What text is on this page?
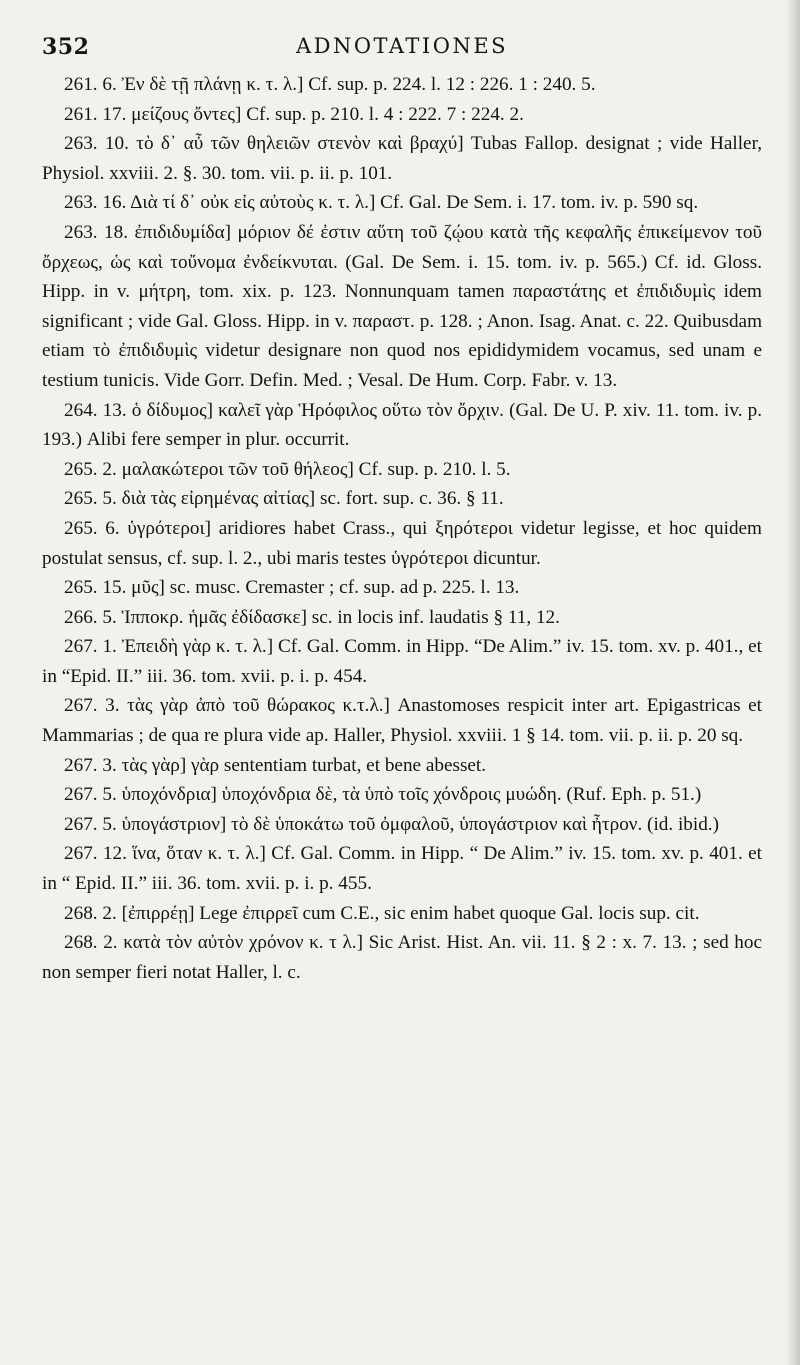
352	ADNOTATIONES

261. 6. Ἐν δὲ τῇ πλάνῃ κ. τ. λ.] Cf. sup. p. 224. l. 12 : 226. 1 : 240. 5.

261. 17. μείζους ὄντες] Cf. sup. p. 210. l. 4 : 222. 7 : 224. 2.

263. 10. τὸ δ᾽ αὖ τῶν θηλειῶν στενὸν καὶ βραχύ] Tubas Fallop. designat ; vide Haller, Physiol. xxviii. 2. §. 30. tom. vii. p. ii. p. 101.

263. 16. Διὰ τί δ᾽ οὐκ εἰς αὐτοὺς κ. τ. λ.] Cf. Gal. De Sem. i. 17. tom. iv. p. 590 sq.

263. 18. ἐπιδιδυμίδα] μόριον δέ ἐστιν αὕτη τοῦ ζῴου κατὰ τῆς κεφαλῆς ἐπικείμενον τοῦ ὄρχεως, ὡς καὶ τοὔνομα ἐνδείκνυται. (Gal. De Sem. i. 15. tom. iv. p. 565.) Cf. id. Gloss. Hipp. in v. μήτρη, tom. xix. p. 123. Nonnunquam tamen παραστάτης et ἐπιδιδυμὶς idem significant ; vide Gal. Gloss. Hipp. in v. παραστ. p. 128. ; Anon. Isag. Anat. c. 22. Quibusdam etiam τὸ ἐπιδιδυμὶς videtur designare non quod nos epididymidem vocamus, sed unam e testium tunicis. Vide Gorr. Defin. Med. ; Vesal. De Hum. Corp. Fabr. v. 13.

264. 13. ὁ δίδυμος] καλεῖ γὰρ Ἡρόφιλος οὕτω τὸν ὄρχιν. (Gal. De U. P. xiv. 11. tom. iv. p. 193.) Alibi fere semper in plur. occurrit.

265. 2. μαλακώτεροι τῶν τοῦ θήλεος] Cf. sup. p. 210. l. 5.

265. 5. διὰ τὰς εἰρημένας αἰτίας] sc. fort. sup. c. 36. § 11.

265. 6. ὑγρότεροι] aridiores habet Crass., qui ξηρότεροι videtur legisse, et hoc quidem postulat sensus, cf. sup. l. 2., ubi maris testes ὑγρότεροι dicuntur.

265. 15. μῦς] sc. musc. Cremaster ; cf. sup. ad p. 225. l. 13.

266. 5. Ἱπποκρ. ἡμᾶς ἐδίδασκε] sc. in locis inf. laudatis § 11, 12.

267. 1. Ἐπειδὴ γὰρ κ. τ. λ.] Cf. Gal. Comm. in Hipp. “De Alim.” iv. 15. tom. xv. p. 401., et in “Epid. II.” iii. 36. tom. xvii. p. i. p. 454.

267. 3. τὰς γὰρ ἀπὸ τοῦ θώρακος κ.τ.λ.] Anastomoses respicit inter art. Epigastricas et Mammarias ; de qua re plura vide ap. Haller, Physiol. xxviii. 1 § 14. tom. vii. p. ii. p. 20 sq.

267. 3. τὰς γὰρ] γὰρ sententiam turbat, et bene abesset.

267. 5. ὑποχόνδρια] ὑποχόνδρια δὲ, τὰ ὑπὸ τοῖς χόνδροις μυώδη. (Ruf. Eph. p. 51.)

267. 5. ὑπογάστριον] τὸ δὲ ὑποκάτω τοῦ ὀμφαλοῦ, ὑπογάστριον καὶ ἦτρον. (id. ibid.)

267. 12. ἵνα, ὅταν κ. τ. λ.] Cf. Gal. Comm. in Hipp. “ De Alim.” iv. 15. tom. xv. p. 401. et in “ Epid. II.” iii. 36. tom. xvii. p. i. p. 455.

268. 2. [ἐπιρρέῃ] Lege ἐπιρρεῖ cum C.E., sic enim habet quoque Gal. locis sup. cit.

268. 2. κατὰ τὸν αὐτὸν χρόνον κ. τ λ.] Sic Arist. Hist. An. vii. 11. § 2 : x. 7. 13. ; sed hoc non semper fieri notat Haller, l. c.
